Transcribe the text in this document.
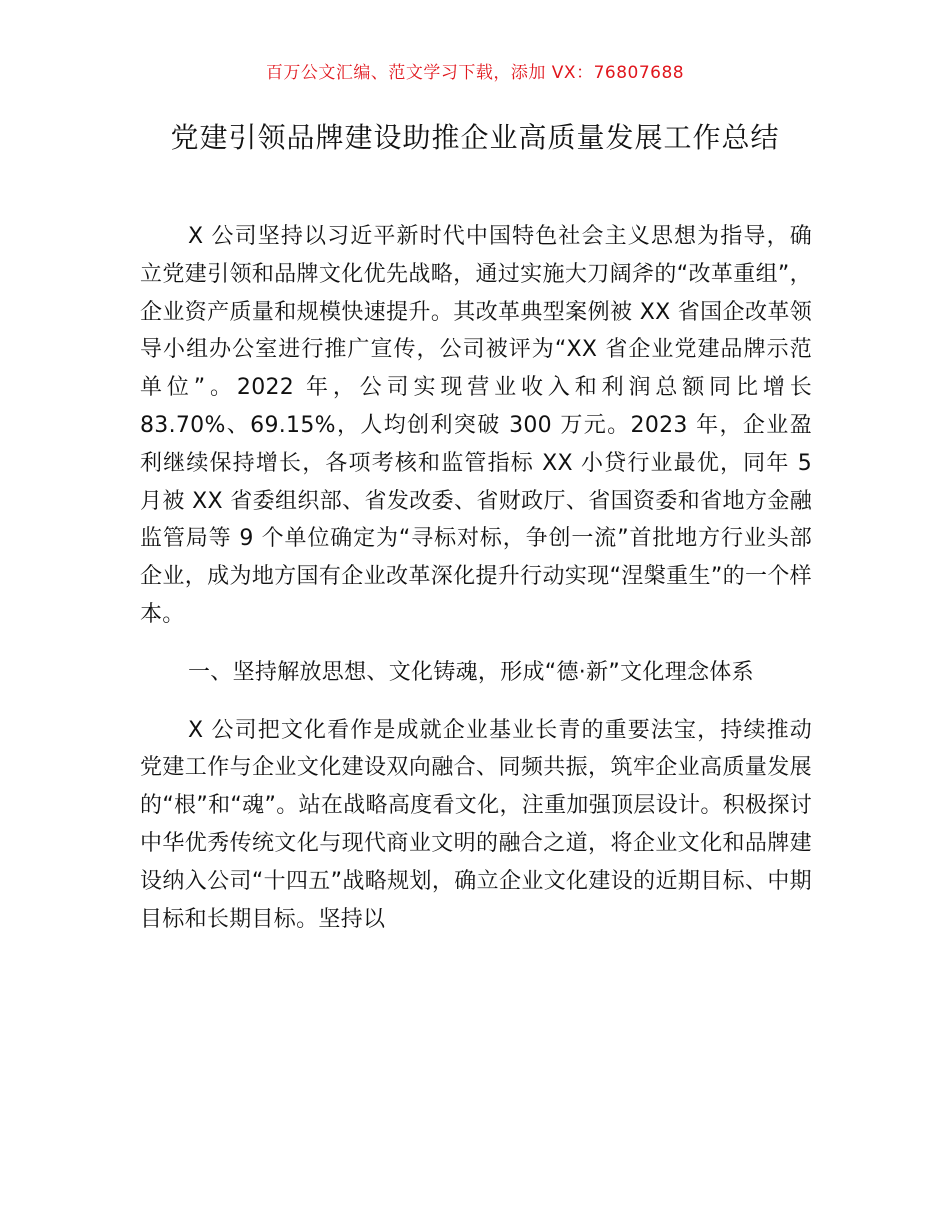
百万公文汇编、范文学习下载，添加 VX：76807688
党建引领品牌建设助推企业高质量发展工作总结

X 公司坚持以习近平新时代中国特色社会主义思想为指导，确立党建引领和品牌文化优先战略，通过实施大刀阔斧的“改革重组”，企业资产质量和规模快速提升。其改革典型案例被 XX 省国企改革领导小组办公室进行推广宣传，公司被评为“XX 省企业党建品牌示范单位”。2022 年，公司实现营业收入和利润总额同比增长 83.70%、69.15%，人均创利突破 300 万元。2023 年，企业盈利继续保持增长，各项考核和监管指标 XX 小贷行业最优，同年 5 月被 XX 省委组织部、省发改委、省财政厅、省国资委和省地方金融监管局等 9 个单位确定为“寻标对标，争创一流”首批地方行业头部企业，成为地方国有企业改革深化提升行动实现“涅槃重生”的一个样本。

一、坚持解放思想、文化铸魂，形成“德·新”文化理念体系

X 公司把文化看作是成就企业基业长青的重要法宝，持续推动党建工作与企业文化建设双向融合、同频共振，筑牢企业高质量发展的“根”和“魂”。站在战略高度看文化，注重加强顶层设计。积极探讨中华优秀传统文化与现代商业文明的融合之道，将企业文化和品牌建设纳入公司“十四五”战略规划，确立企业文化建设的近期目标、中期目标和长期目标。坚持以
